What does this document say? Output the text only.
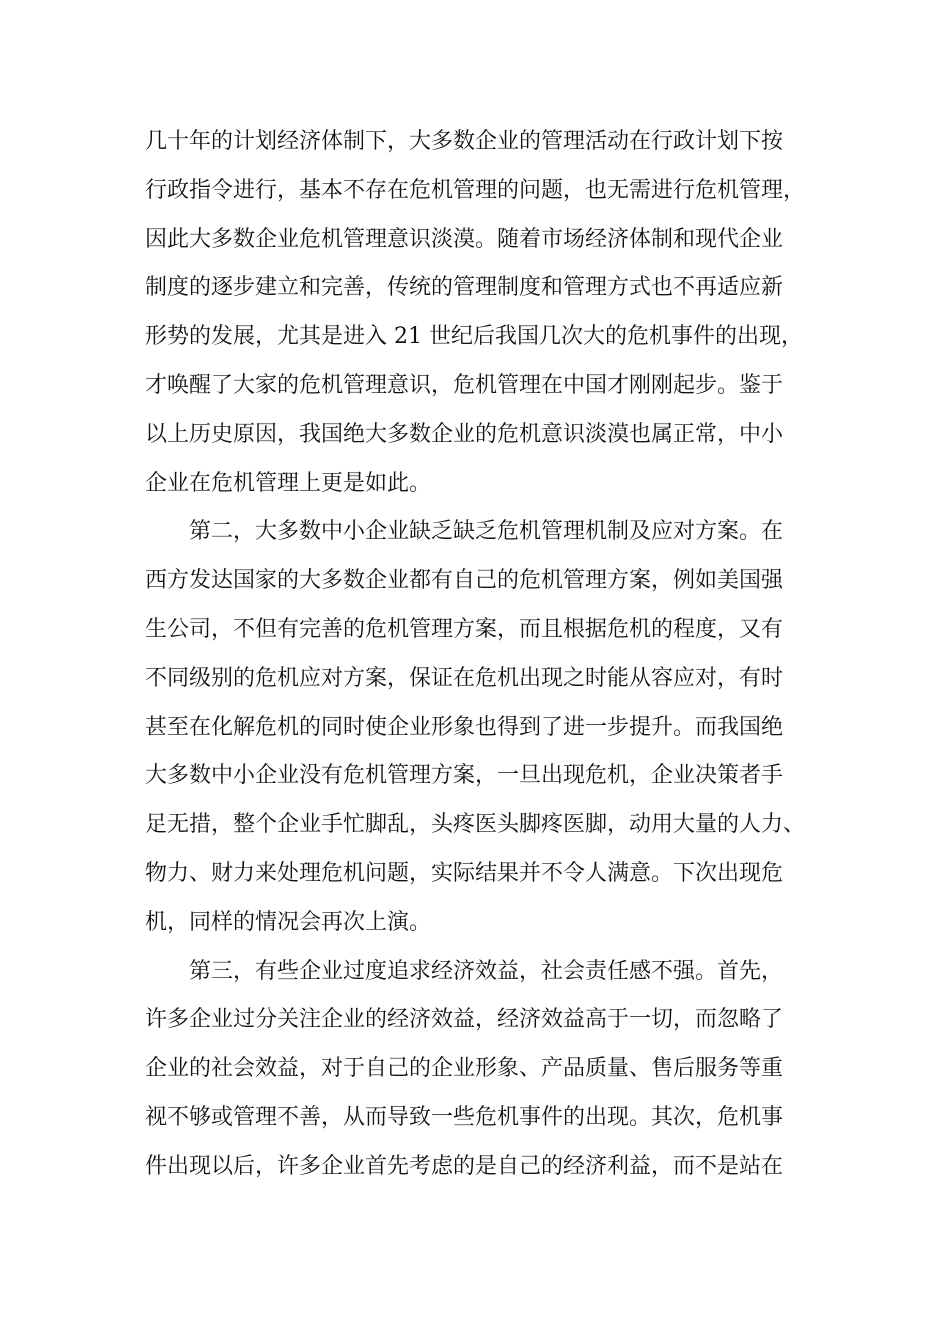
几十年的计划经济体制下，大多数企业的管理活动在行政计划下按
行政指令进行，基本不存在危机管理的问题，也无需进行危机管理，
因此大多数企业危机管理意识淡漠。随着市场经济体制和现代企业
制度的逐步建立和完善，传统的管理制度和管理方式也不再适应新
形势的发展，尤其是进入 21 世纪后我国几次大的危机事件的出现，
才唤醒了大家的危机管理意识，危机管理在中国才刚刚起步。鉴于
以上历史原因，我国绝大多数企业的危机意识淡漠也属正常，中小
企业在危机管理上更是如此。
第二，大多数中小企业缺乏缺乏危机管理机制及应对方案。在
西方发达国家的大多数企业都有自己的危机管理方案，例如美国强
生公司，不但有完善的危机管理方案，而且根据危机的程度，又有
不同级别的危机应对方案，保证在危机出现之时能从容应对，有时
甚至在化解危机的同时使企业形象也得到了进一步提升。而我国绝
大多数中小企业没有危机管理方案，一旦出现危机，企业决策者手
足无措，整个企业手忙脚乱，头疼医头脚疼医脚，动用大量的人力、
物力、财力来处理危机问题，实际结果并不令人满意。下次出现危
机，同样的情况会再次上演。
第三，有些企业过度追求经济效益，社会责任感不强。首先，
许多企业过分关注企业的经济效益，经济效益高于一切，而忽略了
企业的社会效益，对于自己的企业形象、产品质量、售后服务等重
视不够或管理不善，从而导致一些危机事件的出现。其次，危机事
件出现以后，许多企业首先考虑的是自己的经济利益，而不是站在
